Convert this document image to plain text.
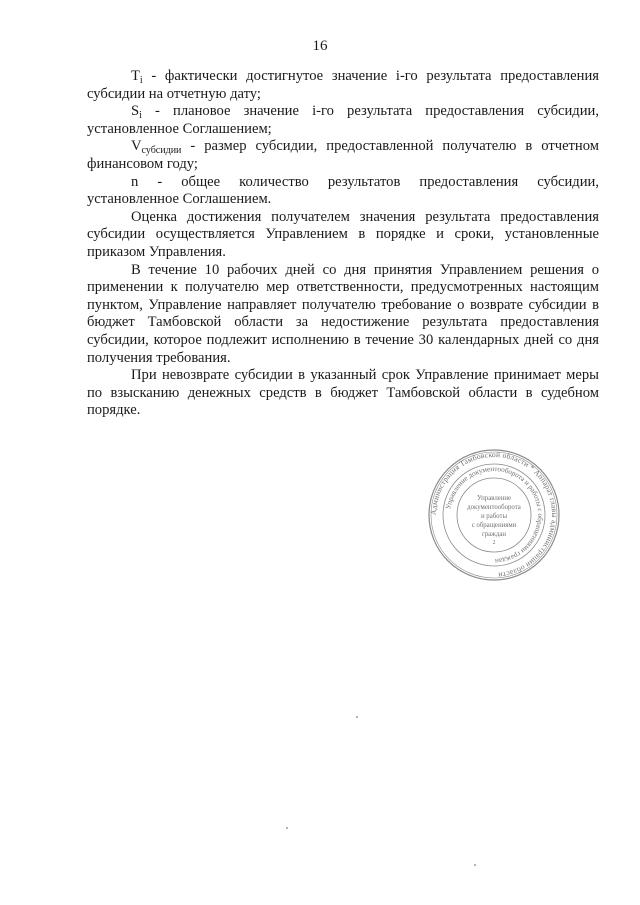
16

$T_i$ - фактически достигнутое значение i-го результата предоставления субсидии на отчетную дату;

$S_i$ - плановое значение i-го результата предоставления субсидии, установленное Соглашением;

$V_{субсидии}$ - размер субсидии, предоставленной получателю в отчетном финансовом году;

n - общее количество результатов предоставления субсидии, установленное Соглашением.

Оценка достижения получателем значения результата предоставления субсидии осуществляется Управлением в порядке и сроки, установленные приказом Управления.

В течение 10 рабочих дней со дня принятия Управлением решения о применении к получателю мер ответственности, предусмотренных настоящим пунктом, Управление направляет получателю требование о возврате субсидии в бюджет Тамбовской области за недостижение результата предоставления субсидии, которое подлежит исполнению в течение 30 календарных дней со дня получения требования.

При невозврате субсидии в указанный срок Управление принимает меры по взысканию денежных средств в бюджет Тамбовской области в судебном порядке.

Администрация Тамбовской области * Аппарат главы администрации области
Управление документооборота и работы с обращениями граждан
Управление
документооборота
и работы
с обращениями
граждан
2
